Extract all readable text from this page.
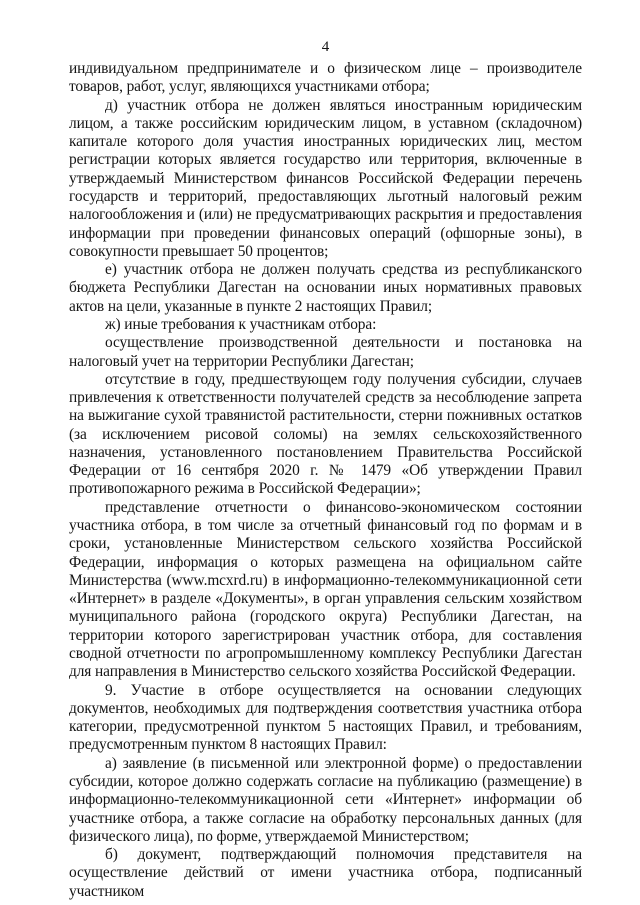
4

индивидуальном предпринимателе и о физическом лице – производителе товаров, работ, услуг, являющихся участниками отбора;

д) участник отбора не должен являться иностранным юридическим лицом, а также российским юридическим лицом, в уставном (складочном) капитале которого доля участия иностранных юридических лиц, местом регистрации которых является государство или территория, включенные в утверждаемый Министерством финансов Российской Федерации перечень государств и территорий, предоставляющих льготный налоговый режим налогообложения и (или) не предусматривающих раскрытия и предоставления информации при проведении финансовых операций (офшорные зоны), в совокупности превышает 50 процентов;

е) участник отбора не должен получать средства из республиканского бюджета Республики Дагестан на основании иных нормативных правовых актов на цели, указанные в пункте 2 настоящих Правил;

ж) иные требования к участникам отбора:

осуществление производственной деятельности и постановка на налоговый учет на территории Республики Дагестан;

отсутствие в году, предшествующем году получения субсидии, случаев привлечения к ответственности получателей средств за несоблюдение запрета на выжигание сухой травянистой растительности, стерни пожнивных остатков (за исключением рисовой соломы) на землях сельскохозяйственного назначения, установленного постановлением Правительства Российской Федерации от 16 сентября 2020 г. № 1479 «Об утверждении Правил противопожарного режима в Российской Федерации»;

представление отчетности о финансово-экономическом состоянии участника отбора, в том числе за отчетный финансовый год по формам и в сроки, установленные Министерством сельского хозяйства Российской Федерации, информация о которых размещена на официальном сайте Министерства (www.mcxrd.ru) в информационно-телекоммуникационной сети «Интернет» в разделе «Документы», в орган управления сельским хозяйством муниципального района (городского округа) Республики Дагестан, на территории которого зарегистрирован участник отбора, для составления сводной отчетности по агропромышленному комплексу Республики Дагестан для направления в Министерство сельского хозяйства Российской Федерации.

9. Участие в отборе осуществляется на основании следующих документов, необходимых для подтверждения соответствия участника отбора категории, предусмотренной пунктом 5 настоящих Правил, и требованиям, предусмотренным пунктом 8 настоящих Правил:

а) заявление (в письменной или электронной форме) о предоставлении субсидии, которое должно содержать согласие на публикацию (размещение) в информационно-телекоммуникационной сети «Интернет» информации об участнике отбора, а также согласие на обработку персональных данных (для физического лица), по форме, утверждаемой Министерством;

б) документ, подтверждающий полномочия представителя на осуществление действий от имени участника отбора, подписанный участником
